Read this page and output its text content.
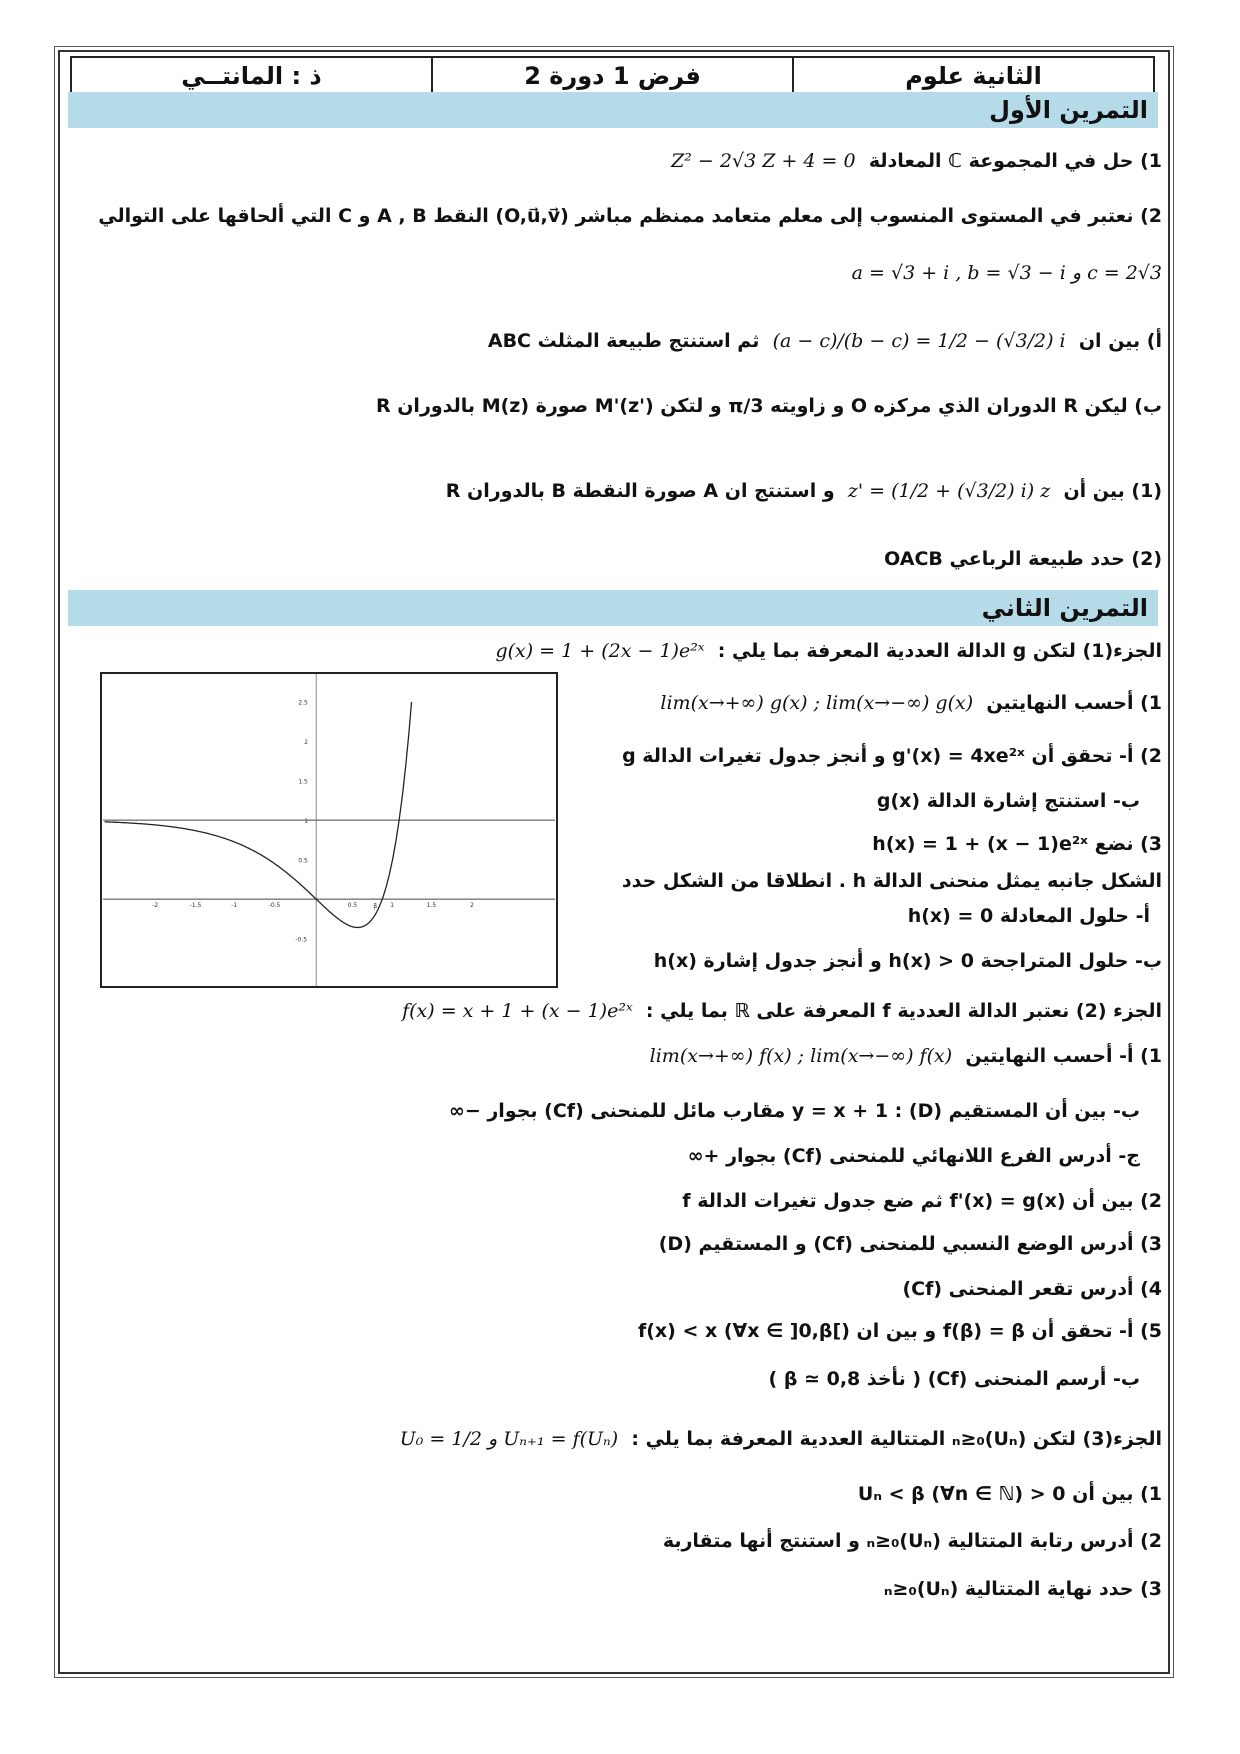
الثانية علوم
فرض 1 دورة 2
ذ : المانتــي
التمرين الأول
1) حل في المجموعة ℂ المعادلة  Z² − 2√3 Z + 4 = 0
2) نعتبر في المستوى المنسوب إلى معلم متعامد ممنظم مباشر (O,u⃗,v⃗) النقط A , B و C التي ألحاقها على التوالي
a = √3 + i , b = √3 − i و c = 2√3
أ) بين ان  (a − c)/(b − c) = 1/2 − (√3/2) i  ثم استنتج طبيعة المثلث ABC
ب) ليكن R الدوران الذي مركزه O و زاويته π/3 و لتكن M'(z') صورة M(z) بالدوران R
(1) بين أن  z' = (1/2 + (√3/2) i) z  و استنتج ان A صورة النقطة B بالدوران R
(2) حدد طبيعة الرباعي OACB
التمرين الثاني
الجزء(1) لتكن g الدالة العددية المعرفة بما يلي :  g(x) = 1 + (2x − 1)e²ˣ
1) أحسب النهايتين  lim(x→+∞) g(x) ; lim(x→−∞) g(x)
2) أ- تحقق أن g'(x) = 4xe²ˣ و أنجز جدول تغيرات الدالة g
ب- استنتج إشارة الدالة g(x)
3) نضع h(x) = 1 + (x − 1)e²ˣ
الشكل جانبه يمثل منحنى الدالة h . انطلاقا من الشكل حدد
أ- حلول المعادلة h(x) = 0
ب- حلول المتراجحة h(x) > 0 و أنجز جدول إشارة h(x)
-2	-1.5	-1	-0.5	0.5	1	1.5	2
2.5
2
1.5
1
0.5
-0.5
β
الجزء (2) نعتبر الدالة العددية f المعرفة على ℝ بما يلي :  f(x) = x + 1 + (x − 1)e²ˣ
1) أ- أحسب النهايتين  lim(x→+∞) f(x) ; lim(x→−∞) f(x)
ب- بين أن المستقيم (D) : y = x + 1 مقارب مائل للمنحنى (Cf) بجوار −∞
ج- أدرس الفرع اللانهائي للمنحنى (Cf) بجوار +∞
2) بين أن f'(x) = g(x) ثم ضع جدول تغيرات الدالة f
3) أدرس الوضع النسبي للمنحنى (Cf) و المستقيم (D)
4) أدرس تقعر المنحنى (Cf)
5) أ- تحقق أن f(β) = β و بين ان f(x) < x (∀x ∈ ]0,β[)
ب- أرسم المنحنى (Cf) ( نأخذ β ≃ 0,8 )
الجزء(3) لتكن (Uₙ)ₙ≥₀ المتتالية العددية المعرفة بما يلي :  U₀ = 1/2 و Uₙ₊₁ = f(Uₙ)
1) بين أن 0 < Uₙ < β (∀n ∈ ℕ)
2) أدرس رتابة المتتالية (Uₙ)ₙ≥₀ و استنتج أنها متقاربة
3) حدد نهاية المتتالية (Uₙ)ₙ≥₀
